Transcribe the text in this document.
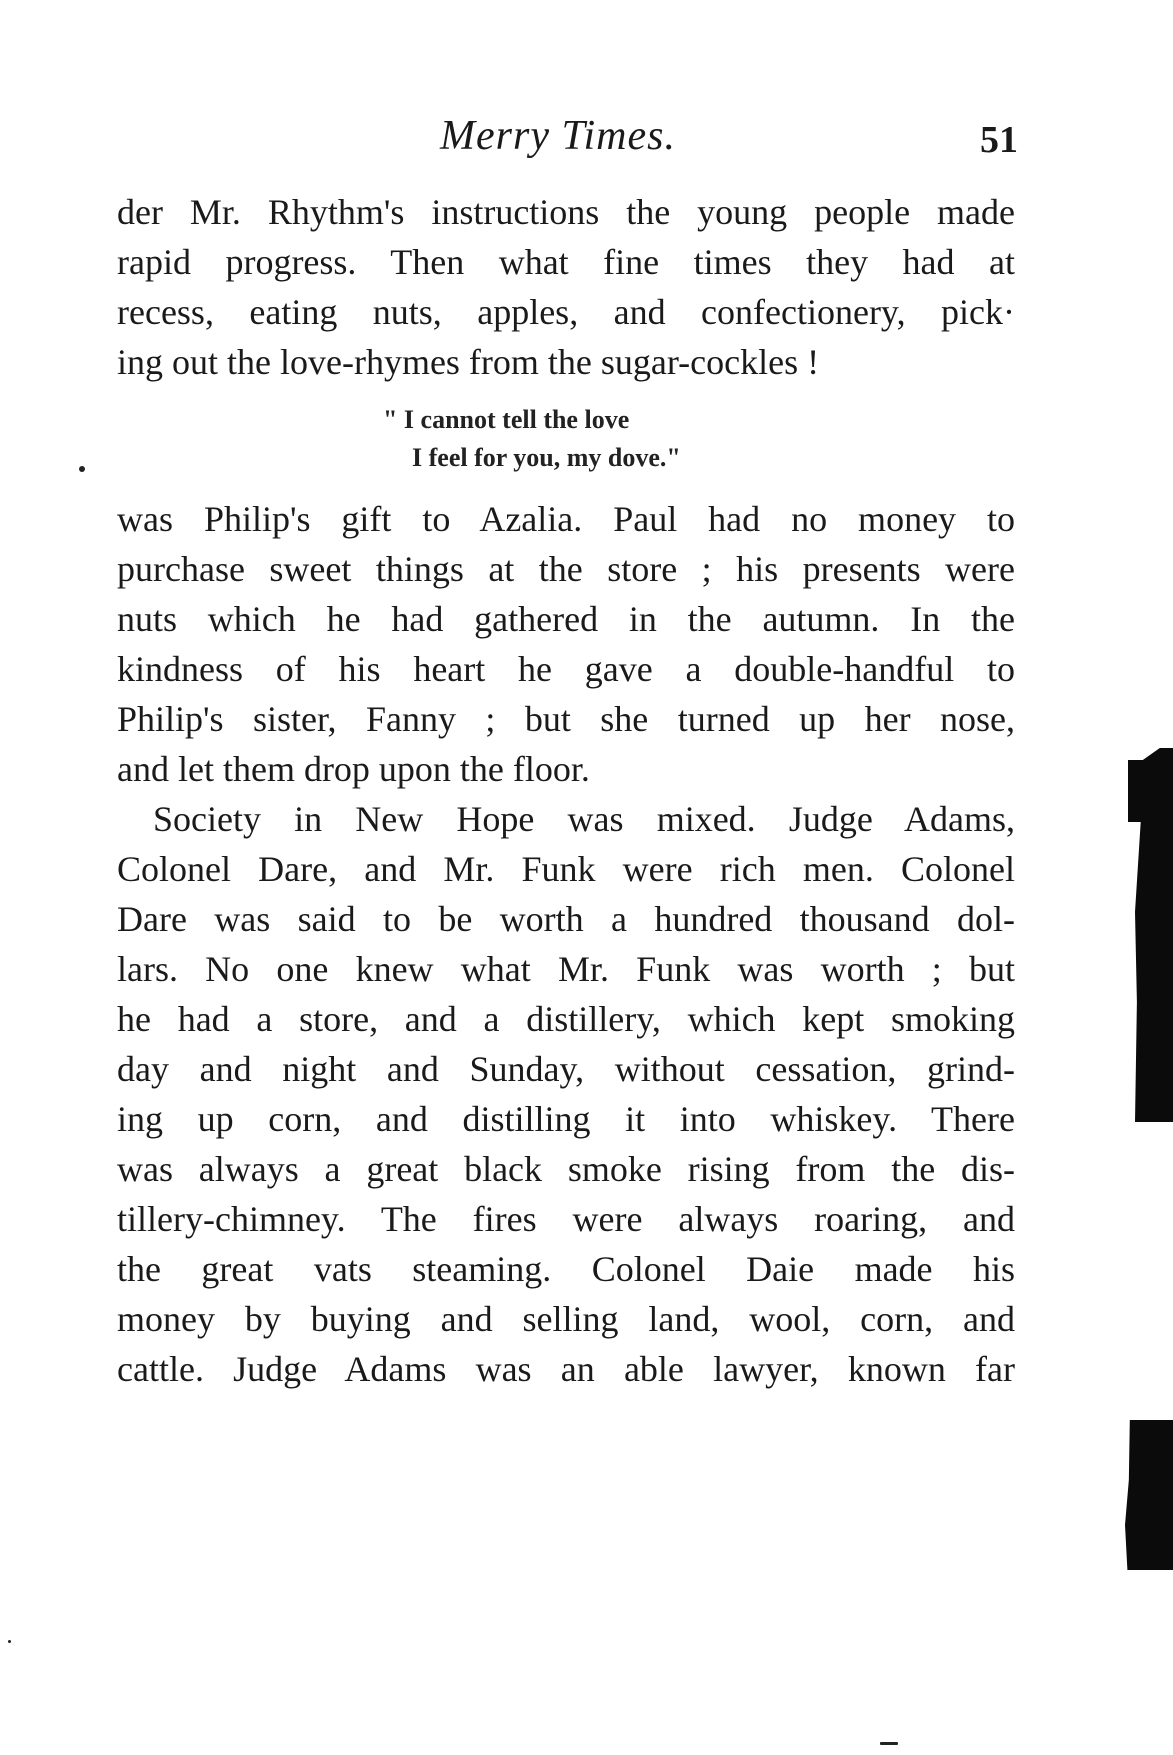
Merry Times.	51
der Mr. Rhythm's instructions the young people made
rapid progress. Then what fine times they had at
recess, eating nuts, apples, and confectionery, pick·
ing out the love-rhymes from the sugar-cockles !
" I cannot tell the love
I feel for you, my dove."
was Philip's gift to Azalia. Paul had no money to
purchase sweet things at the store ; his presents were
nuts which he had gathered in the autumn. In the
kindness of his heart he gave a double-handful to
Philip's sister, Fanny ; but she turned up her nose,
and let them drop upon the floor.
Society in New Hope was mixed. Judge Adams,
Colonel Dare, and Mr. Funk were rich men. Colonel
Dare was said to be worth a hundred thousand dol-
lars. No one knew what Mr. Funk was worth ; but
he had a store, and a distillery, which kept smoking
day and night and Sunday, without cessation, grind-
ing up corn, and distilling it into whiskey. There
was always a great black smoke rising from the dis-
tillery-chimney. The fires were always roaring, and
the great vats steaming. Colonel Daie made his
money by buying and selling land, wool, corn, and
cattle. Judge Adams was an able lawyer, known far
